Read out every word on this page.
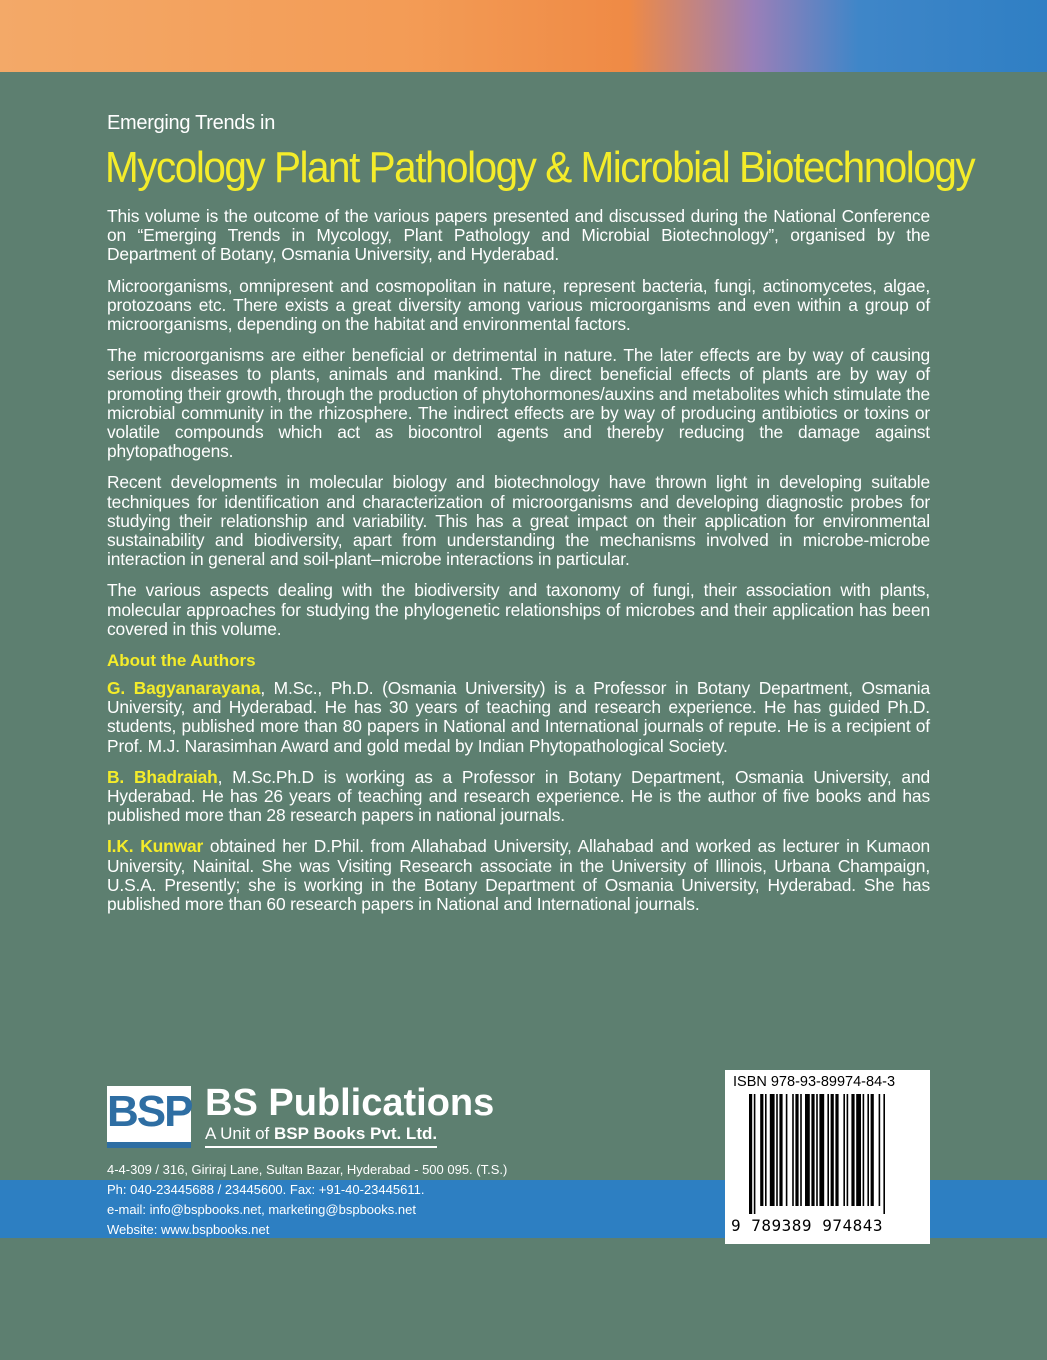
Emerging Trends in
Mycology Plant Pathology & Microbial Biotechnology

This volume is the outcome of the various papers presented and discussed during the National Conference on “Emerging Trends in Mycology, Plant Pathology and Microbial Biotechnology”, organised by the Department of Botany, Osmania University, and Hyderabad.

Microorganisms, omnipresent and cosmopolitan in nature, represent bacteria, fungi, actinomycetes, algae, protozoans etc. There exists a great diversity among various microorganisms and even within a group of microorganisms, depending on the habitat and environmental factors.

The microorganisms are either beneficial or detrimental in nature. The later effects are by way of causing serious diseases to plants, animals and mankind. The direct beneficial effects of plants are by way of promoting their growth, through the production of phytohormones/auxins and metabolites which stimulate the microbial community in the rhizosphere. The indirect effects are by way of producing antibiotics or toxins or volatile compounds which act as biocontrol agents and thereby reducing the damage against phytopathogens.

Recent developments in molecular biology and biotechnology have thrown light in developing suitable techniques for identification and characterization of microorganisms and developing diagnostic probes for studying their relationship and variability. This has a great impact on their application for environmental sustainability and biodiversity, apart from understanding the mechanisms involved in microbe-microbe interaction in general and soil-plant–microbe interactions in particular.

The various aspects dealing with the biodiversity and taxonomy of fungi, their association with plants, molecular approaches for studying the phylogenetic relationships of microbes and their application has been covered in this volume.

About the Authors

G. Bagyanarayana, M.Sc., Ph.D. (Osmania University) is a Professor in Botany Department, Osmania University, and Hyderabad. He has 30 years of teaching and research experience. He has guided Ph.D. students, published more than 80 papers in National and International journals of repute. He is a recipient of Prof. M.J. Narasimhan Award and gold medal by Indian Phytopathological Society.

B. Bhadraiah, M.Sc.Ph.D is working as a Professor in Botany Department, Osmania University, and Hyderabad. He has 26 years of teaching and research experience. He is the author of five books and has published more than 28 research papers in national journals.

I.K. Kunwar obtained her D.Phil. from Allahabad University, Allahabad and worked as lecturer in Kumaon University, Nainital. She was Visiting Research associate in the University of Illinois, Urbana Champaign, U.S.A. Presently; she is working in the Botany Department of Osmania University, Hyderabad. She has published more than 60 research papers in National and International journals.

BSP BS Publications
A Unit of BSP Books Pvt. Ltd.
4-4-309 / 316, Giriraj Lane, Sultan Bazar, Hyderabad - 500 095. (T.S.)
Ph: 040-23445688 / 23445600. Fax: +91-40-23445611.
e-mail: info@bspbooks.net, marketing@bspbooks.net
Website: www.bspbooks.net
ISBN 978-93-89974-84-3
9 789389 974843
